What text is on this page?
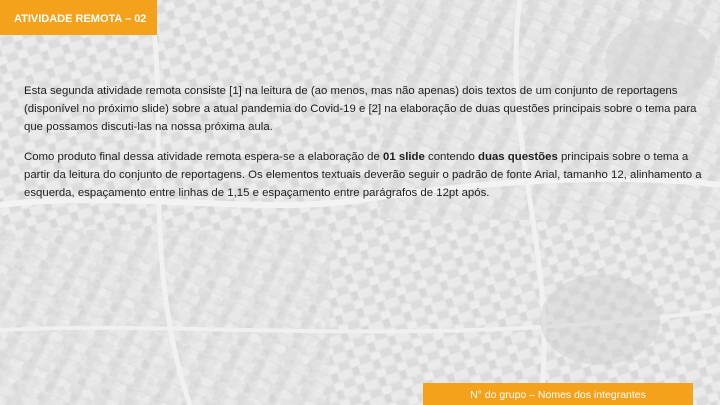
ATIVIDADE REMOTA – 02

Esta segunda atividade remota consiste [1] na leitura de (ao menos, mas não apenas) dois textos de um conjunto de reportagens (disponível no próximo slide) sobre a atual pandemia do Covid-19 e [2] na elaboração de duas questões principais sobre o tema para que possamos discuti-las na nossa próxima aula.

Como produto final dessa atividade remota espera-se a elaboração de 01 slide contendo duas questões principais sobre o tema a partir da leitura do conjunto de reportagens. Os elementos textuais deverão seguir o padrão de fonte Arial, tamanho 12, alinhamento a esquerda, espaçamento entre linhas de 1,15 e espaçamento entre parágrafos de 12pt após.

N° do grupo – Nomes dos integrantes
